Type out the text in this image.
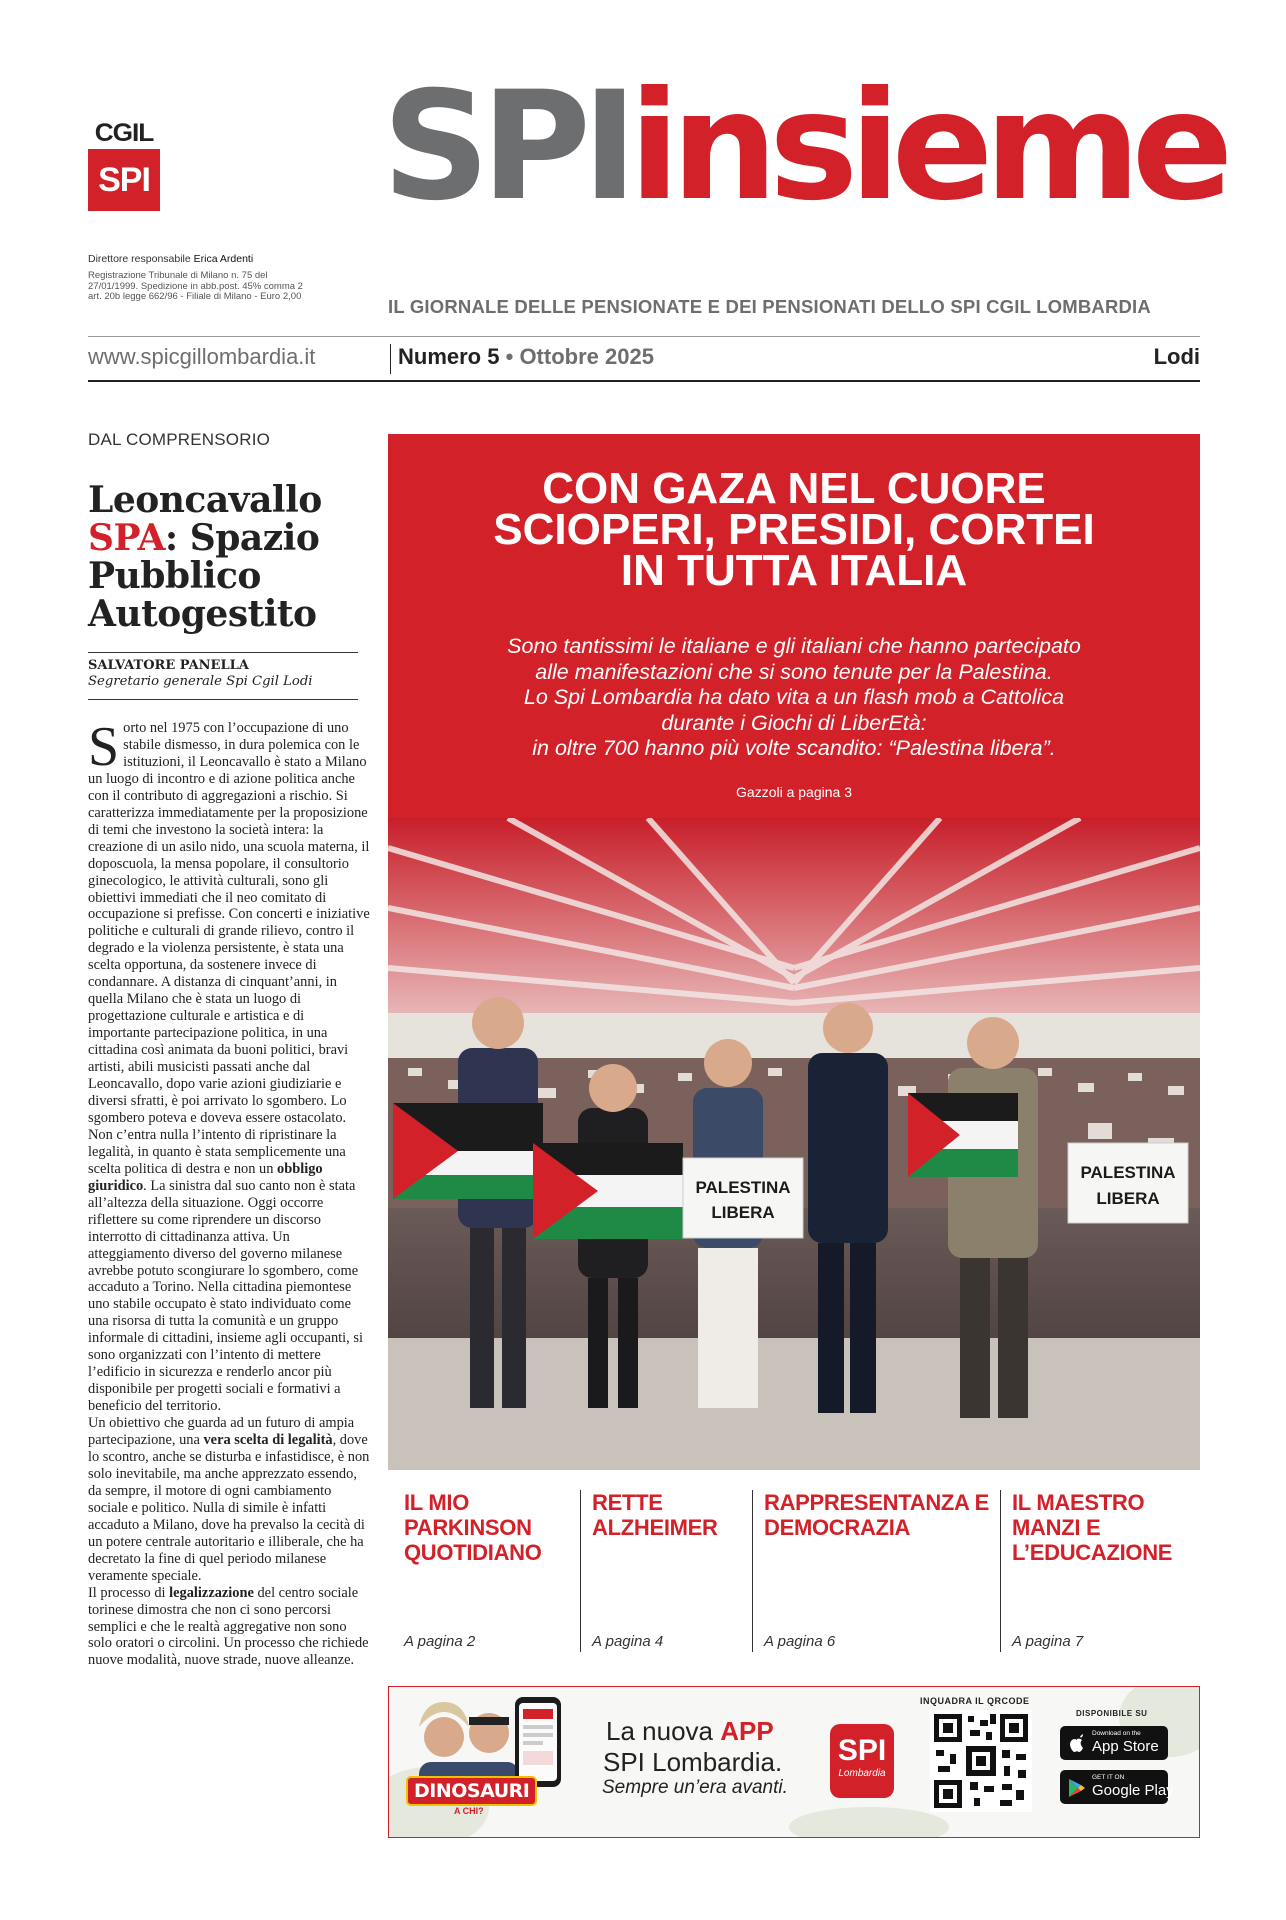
CGIL
SPI SPIinsieme
Direttore responsabile Erica Ardenti
Registrazione Tribunale di Milano n. 75 del 27/01/1999. Spedizione in abb.post. 45% comma 2 art. 20b legge 662/96 - Filiale di Milano - Euro 2,00	IL GIORNALE DELLE PENSIONATE E DEI PENSIONATI DELLO SPI CGIL LOMBARDIA
www.spicgillombardia.it	Numero 5 • Ottobre 2025	Lodi
DAL COMPRENSORIO
Leoncavallo
SPA: Spazio Pubblico Autogestito
SALVATORE PANELLA
Segretario generale Spi Cgil Lodi

Sorto nel 1975 con l’occupazione di uno stabile dismesso, in dura polemica con le istituzioni, il Leoncavallo è stato a Milano un luogo di incontro e di azione politica anche con il contributo di aggregazioni a rischio. Si caratterizza immediatamente per la proposizione di temi che investono la società intera: la creazione di un asilo nido, una scuola materna, il doposcuola, la mensa popolare, il consultorio ginecologico, le attività culturali, sono gli obiettivi immediati che il neo comitato di occupazione si prefisse. Con concerti e iniziative politiche e culturali di grande rilievo, contro il degrado e la violenza persistente, è stata una scelta opportuna, da sostenere invece di condannare. A distanza di cinquant’anni, in quella Milano che è stata un luogo di progettazione culturale e artistica e di importante partecipazione politica, in una cittadina così animata da buoni politici, bravi artisti, abili musicisti passati anche dal Leoncavallo, dopo varie azioni giudiziarie e diversi sfratti, è poi arrivato lo sgombero. Lo sgombero poteva e doveva essere ostacolato. Non c’entra nulla l’intento di ripristinare la legalità, in quanto è stata semplicemente una scelta politica di destra e non un obbligo giuridico. La sinistra dal suo canto non è stata all’altezza della situazione. Oggi occorre riflettere su come riprendere un discorso interrotto di cittadinanza attiva. Un atteggiamento diverso del governo milanese avrebbe potuto scongiurare lo sgombero, come accaduto a Torino. Nella cittadina piemontese uno stabile occupato è stato individuato come una risorsa di tutta la comunità e un gruppo informale di cittadini, insieme agli occupanti, si sono organizzati con l’intento di mettere l’edificio in sicurezza e renderlo ancor più disponibile per progetti sociali e formativi a beneficio del territorio.

Un obiettivo che guarda ad un futuro di ampia partecipazione, una vera scelta di legalità, dove lo scontro, anche se disturba e infastidisce, è non solo inevitabile, ma anche apprezzato essendo, da sempre, il motore di ogni cambiamento sociale e politico. Nulla di simile è infatti accaduto a Milano, dove ha prevalso la cecità di un potere centrale autoritario e illiberale, che ha decretato la fine di quel periodo milanese veramente speciale.

Il processo di legalizzazione del centro sociale torinese dimostra che non ci sono percorsi semplici e che le realtà aggregative non sono solo oratori o circolini. Un processo che richiede nuove modalità, nuove strade, nuove alleanze.

CON GAZA NEL CUORE
SCIOPERI, PRESIDI, CORTEI
IN TUTTA ITALIA
Sono tantissimi le italiane e gli italiani che hanno partecipato
alle manifestazioni che si sono tenute per la Palestina.
Lo Spi Lombardia ha dato vita a un flash mob a Cattolica
durante i Giochi di LiberEtà:
in oltre 700 hanno più volte scandito: “Palestina libera”.
Gazzoli a pagina 3
PALESTINA
LIBERA
PALESTINA
LIBERA
IL MIO PARKINSON QUOTIDIANO
A pagina 2
RETTE ALZHEIMER
A pagina 4
RAPPRESENTANZA E DEMOCRAZIA
A pagina 6
IL MAESTRO MANZI E L’EDUCAZIONE
A pagina 7
DINOSAURI
A CHI?
La nuova APP
SPI Lombardia.
Sempre un’era avanti.
SPI
Lombardia
INQUADRA IL QRCODE
DISPONIBILE SU
Download on the
App Store
GET IT ON
Google Play
